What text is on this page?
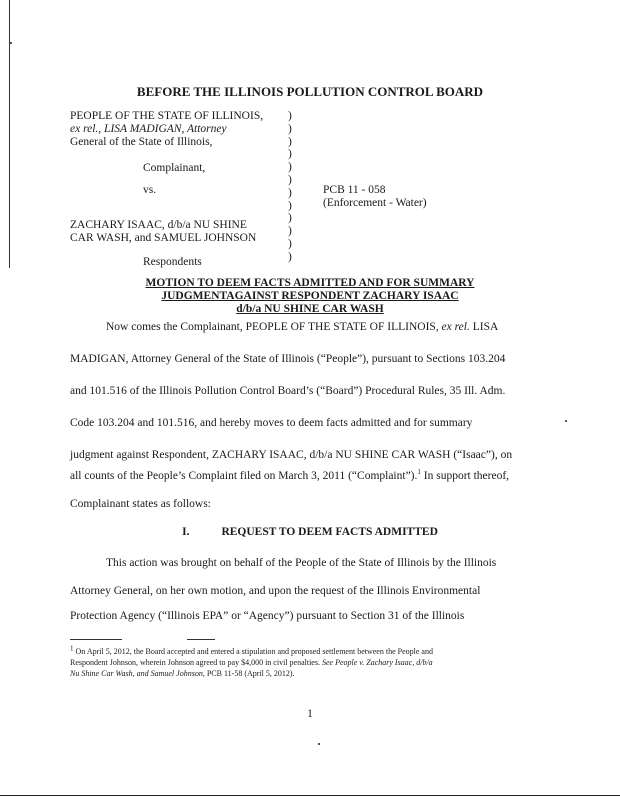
BEFORE THE ILLINOIS POLLUTION CONTROL BOARD
PEOPLE OF THE STATE OF ILLINOIS,
ex rel., LISA MADIGAN, Attorney
General of the State of Illinois,
Complainant,
vs.	PCB 11 - 058
(Enforcement - Water)
ZACHARY ISAAC, d/b/a NU SHINE
CAR WASH, and SAMUEL JOHNSON
Respondents
)
)
)
)
)
)
)
)
)
)
)
)
MOTION TO DEEM FACTS ADMITTED AND FOR SUMMARY
JUDGMENTAGAINST RESPONDENT ZACHARY ISAAC
d/b/a NU SHINE CAR WASH
Now comes the Complainant, PEOPLE OF THE STATE OF ILLINOIS, ex rel. LISA
MADIGAN, Attorney General of the State of Illinois (“People”), pursuant to Sections 103.204
and 101.516 of the Illinois Pollution Control Board’s (“Board”) Procedural Rules, 35 Ill. Adm.
Code 103.204 and 101.516, and hereby moves to deem facts admitted and for summary
judgment against Respondent, ZACHARY ISAAC, d/b/a NU SHINE CAR WASH (“Isaac”), on
all counts of the People’s Complaint filed on March 3, 2011 (“Complaint”).$^1$ In support thereof,
Complainant states as follows:
I.	REQUEST TO DEEM FACTS ADMITTED
This action was brought on behalf of the People of the State of Illinois by the Illinois
Attorney General, on her own motion, and upon the request of the Illinois Environmental
Protection Agency (“Illinois EPA” or “Agency”) pursuant to Section 31 of the Illinois
$^1$ On April 5, 2012, the Board accepted and entered a stipulation and proposed settlement between the People and
Respondent Johnson, wherein Johnson agreed to pay $4,000 in civil penalties. See People v. Zachary Isaac, d/b/a
Nu Shine Car Wash, and Samuel Johnson, PCB 11-58 (April 5, 2012).
1
